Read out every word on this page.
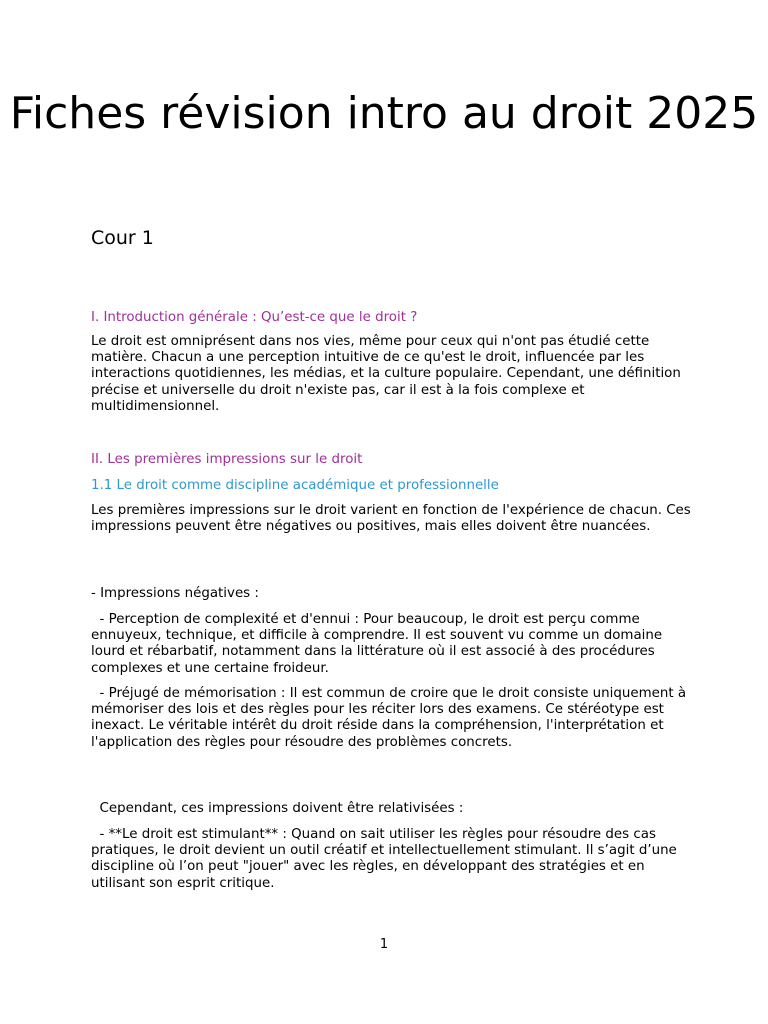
Fiches révision intro au droit 2025

Cour 1

I. Introduction générale : Qu’est-ce que le droit ?

Le droit est omniprésent dans nos vies, même pour ceux qui n'ont pas étudié cette matière. Chacun a une perception intuitive de ce qu'est le droit, influencée par les interactions quotidiennes, les médias, et la culture populaire. Cependant, une définition précise et universelle du droit n'existe pas, car il est à la fois complexe et multidimensionnel.

II. Les premières impressions sur le droit

1.1 Le droit comme discipline académique et professionnelle

Les premières impressions sur le droit varient en fonction de l'expérience de chacun. Ces impressions peuvent être négatives ou positives, mais elles doivent être nuancées.

- Impressions négatives :

- Perception de complexité et d'ennui : Pour beaucoup, le droit est perçu comme ennuyeux, technique, et difficile à comprendre. Il est souvent vu comme un domaine lourd et rébarbatif, notamment dans la littérature où il est associé à des procédures complexes et une certaine froideur.

- Préjugé de mémorisation : Il est commun de croire que le droit consiste uniquement à mémoriser des lois et des règles pour les réciter lors des examens. Ce stéréotype est inexact. Le véritable intérêt du droit réside dans la compréhension, l'interprétation et l'application des règles pour résoudre des problèmes concrets.

Cependant, ces impressions doivent être relativisées :

- **Le droit est stimulant** : Quand on sait utiliser les règles pour résoudre des cas pratiques, le droit devient un outil créatif et intellectuellement stimulant. Il s’agit d’une discipline où l’on peut "jouer" avec les règles, en développant des stratégies et en utilisant son esprit critique.

1
